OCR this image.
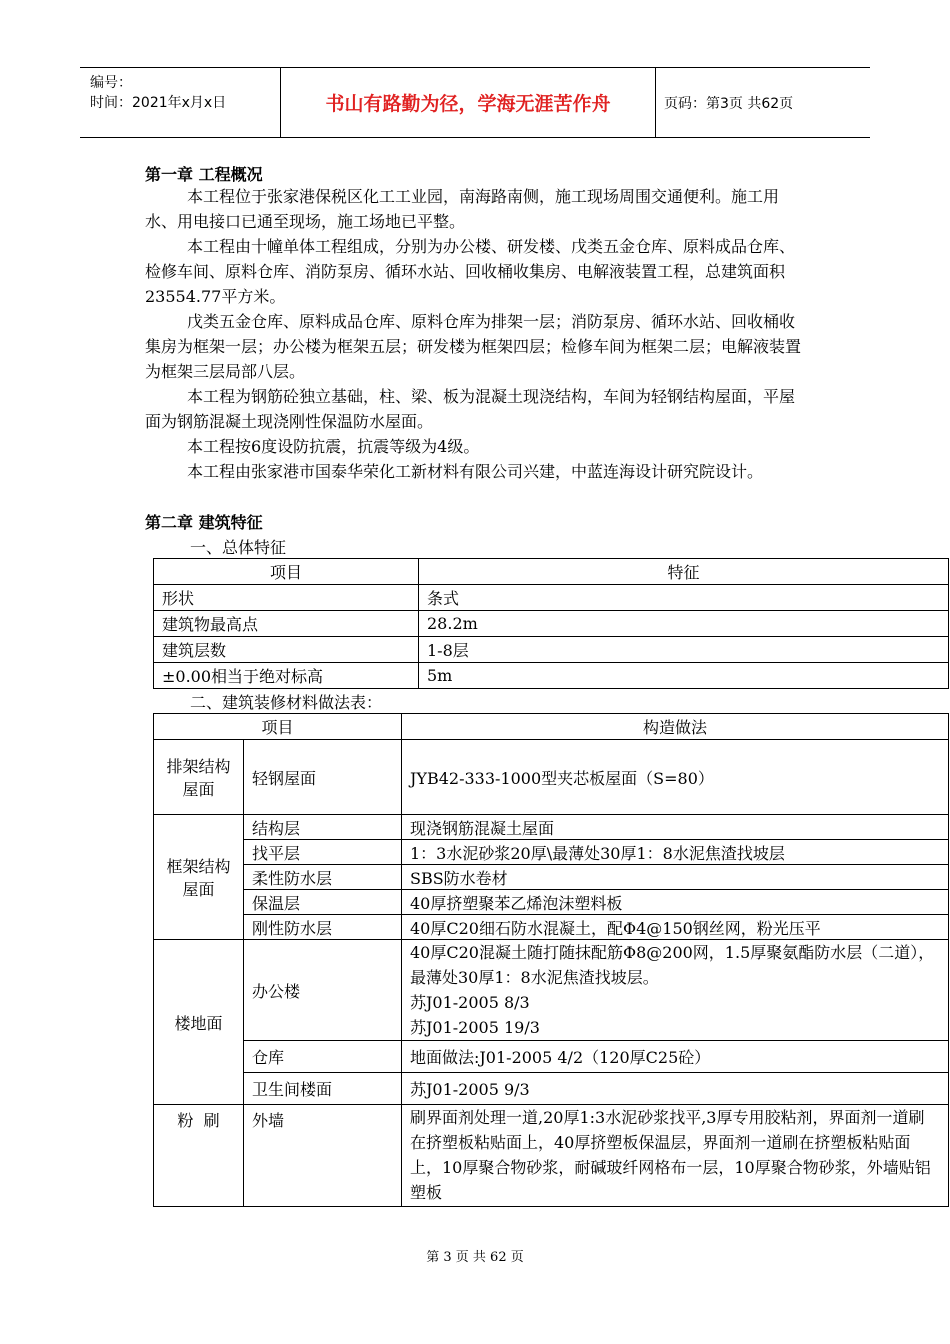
编号：
时间：2021年x月x日	书山有路勤为径，学海无涯苦作舟	页码：第3页 共62页
第一章 工程概况
本工程位于张家港保税区化工工业园，南海路南侧，施工现场周围交通便利。施工用水、用电接口已通至现场，施工场地已平整。
本工程由十幢单体工程组成，分别为办公楼、研发楼、戊类五金仓库、原料成品仓库、检修车间、原料仓库、消防泵房、循环水站、回收桶收集房、电解液装置工程，总建筑面积23554.77平方米。
戊类五金仓库、原料成品仓库、原料仓库为排架一层；消防泵房、循环水站、回收桶收集房为框架一层；办公楼为框架五层；研发楼为框架四层；检修车间为框架二层；电解液装置为框架三层局部八层。
本工程为钢筋砼独立基础，柱、梁、板为混凝土现浇结构，车间为轻钢结构屋面，平屋面为钢筋混凝土现浇刚性保温防水屋面。
本工程按6度设防抗震，抗震等级为4级。
本工程由张家港市国泰华荣化工新材料有限公司兴建，中蓝连海设计研究院设计。
第二章 建筑特征
一、总体特征
项目	特征
形状	条式
建筑物最高点	28.2m
建筑层数	1-8层
±0.00相当于绝对标高	5m
二、建筑装修材料做法表：
项目		构造做法
排架结构屋面	轻钢屋面	JYB42-333-1000型夹芯板屋面（S=80）
框架结构屋面	结构层	现浇钢筋混凝土屋面
	找平层	1：3水泥砂浆20厚\最薄处30厚1：8水泥焦渣找坡层
	柔性防水层	SBS防水卷材
	保温层	40厚挤塑聚苯乙烯泡沫塑料板
	刚性防水层	40厚C20细石防水混凝土，配Φ4@150钢丝网，粉光压平
楼地面	办公楼	40厚C20混凝土随打随抹配筋Φ8@200网，1.5厚聚氨酯防水层（二道），最薄处30厚1：8水泥焦渣找坡层。
苏J01-2005 8/3
苏J01-2005 19/3

	仓库	地面做法:J01-2005 4/2（120厚C25砼）
	卫生间楼面	苏J01-2005 9/3
粉  刷	外墙	刷界面剂处理一道,20厚1:3水泥砂浆找平,3厚专用胶粘剂，界面剂一道刷在挤塑板粘贴面上，40厚挤塑板保温层，界面剂一道刷在挤塑板粘贴面上，10厚聚合物砂浆，耐碱玻纤网格布一层，10厚聚合物砂浆，外墙贴铝塑板
第 3 页 共 62 页
